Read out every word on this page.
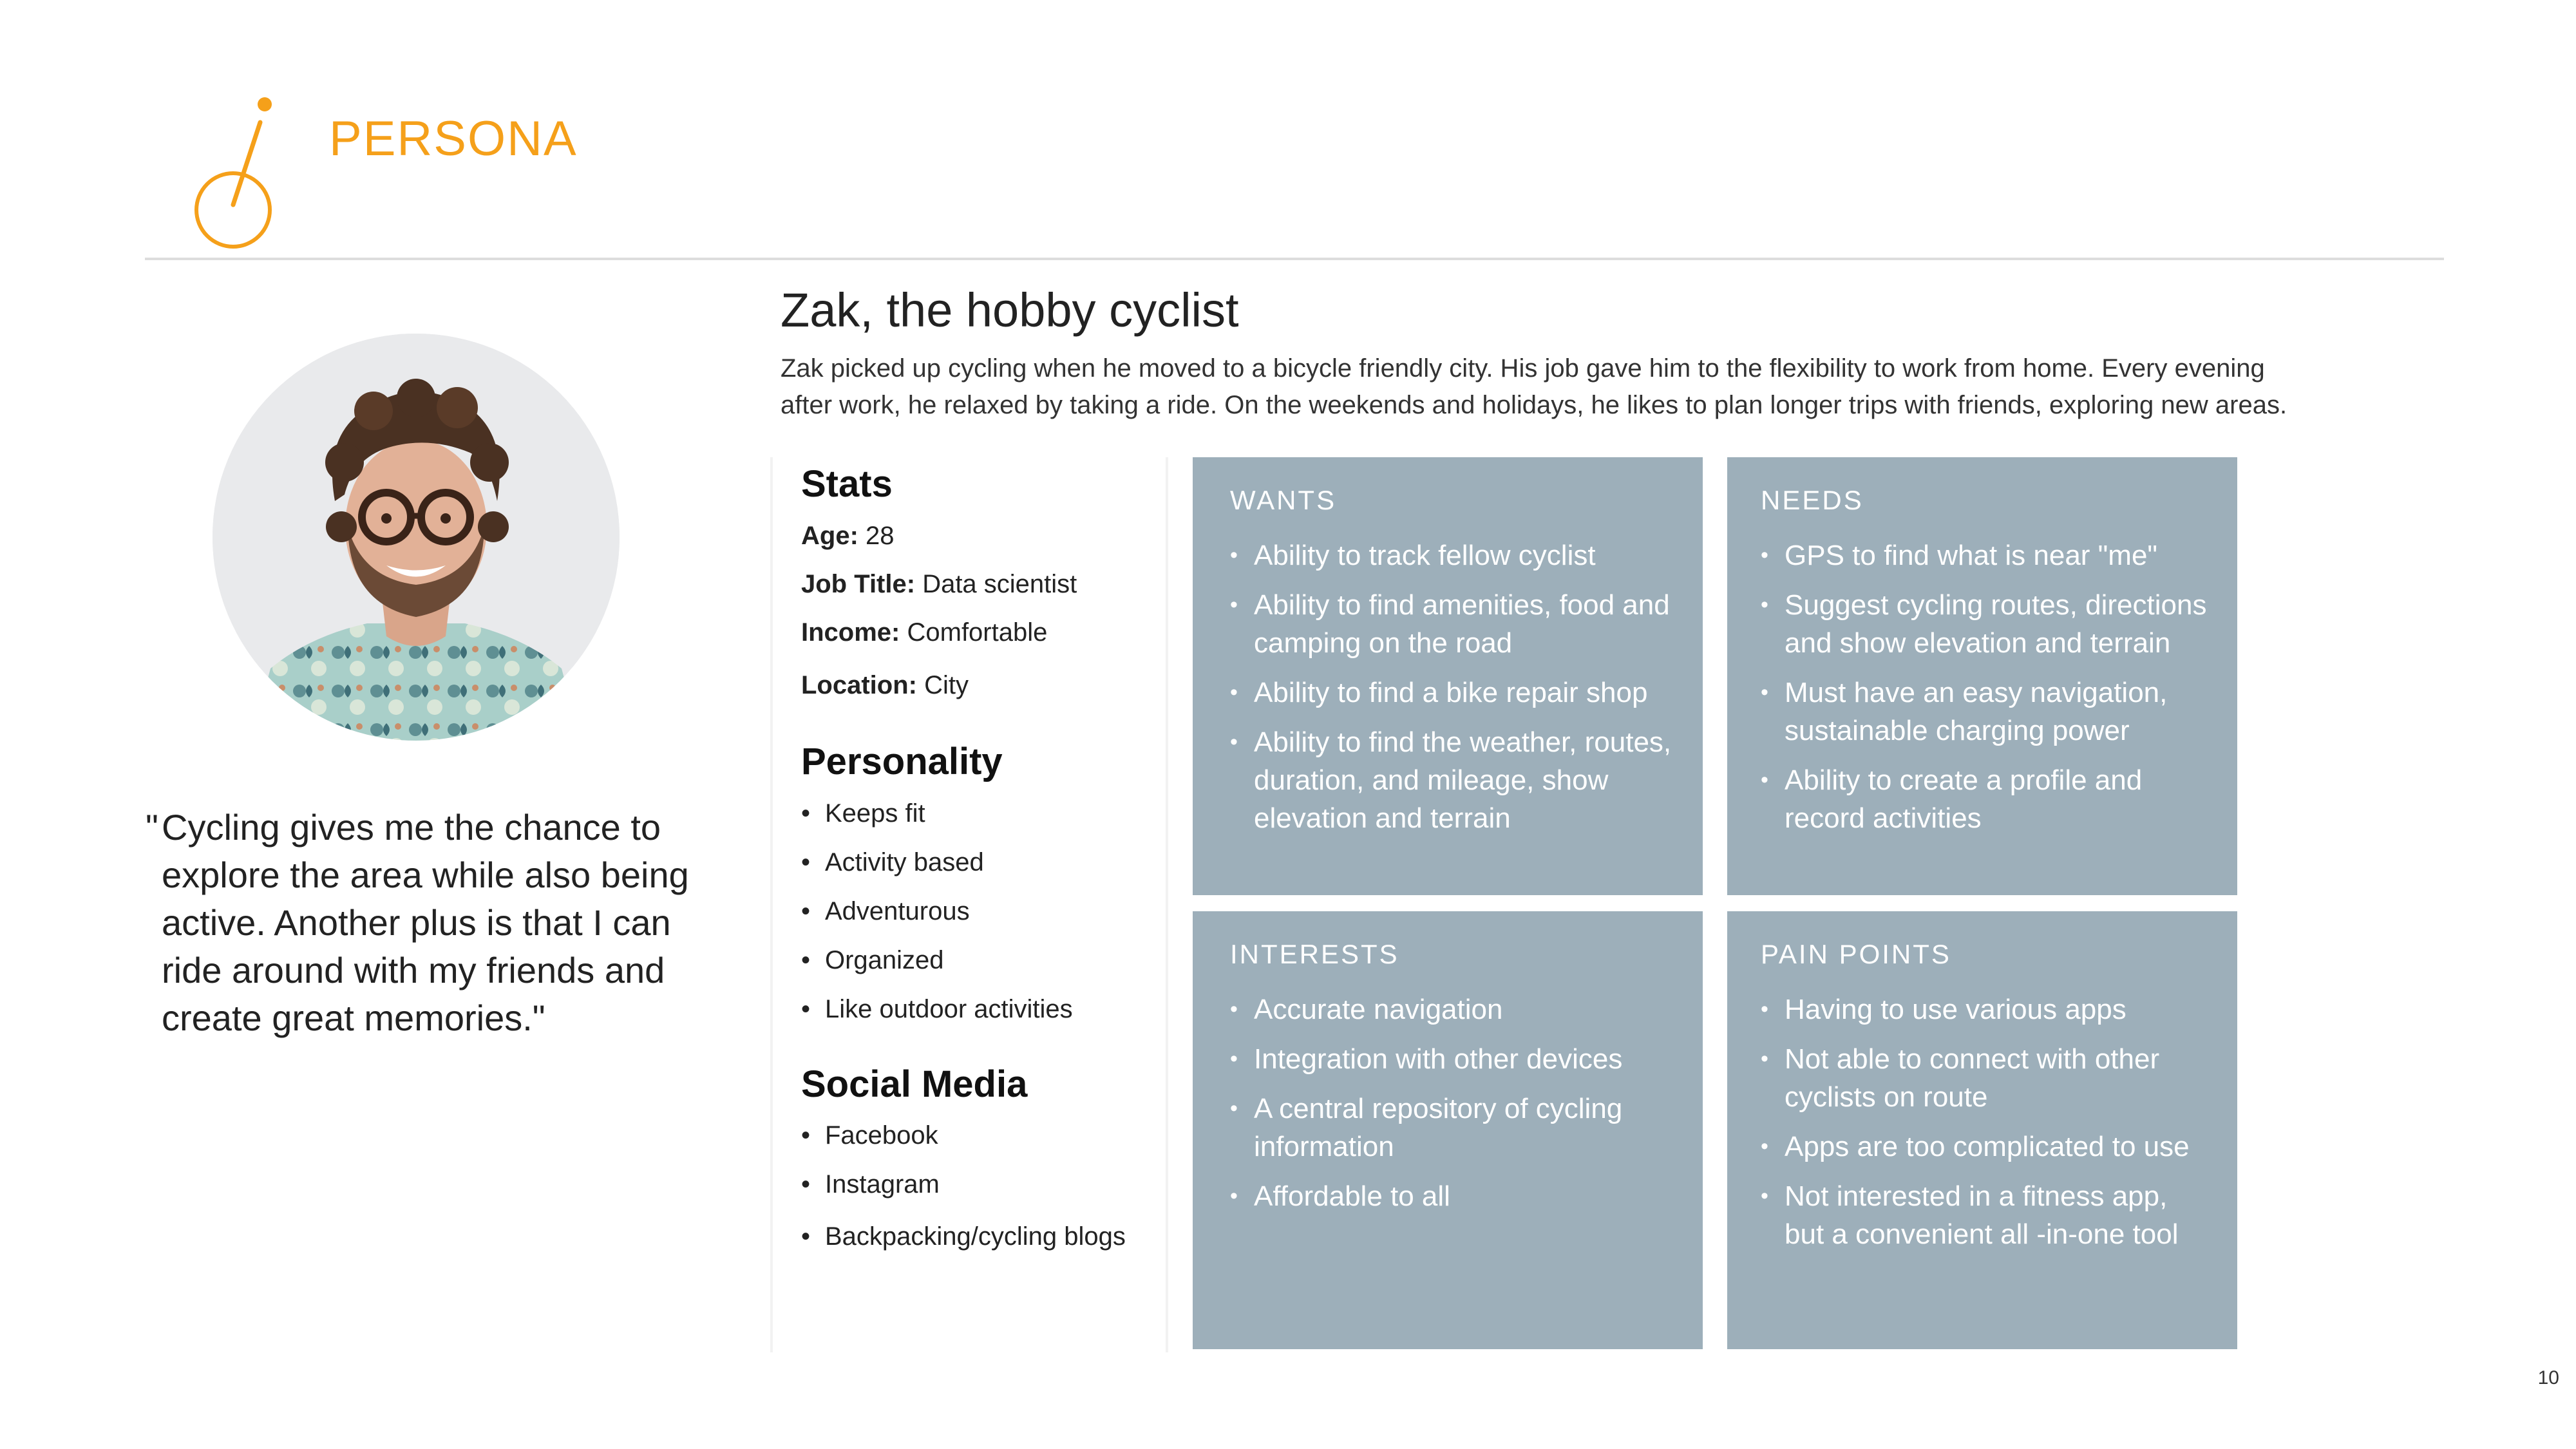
PERSONA
" Cycling gives me the chance to explore the area while also being active. Another plus is that I can ride around with my friends and create great memories."
Zak, the hobby cyclist
Zak picked up cycling when he moved to a bicycle friendly city. His job gave him to the flexibility to work from home. Every evening after work, he relaxed by taking a ride. On the weekends and holidays, he likes to plan longer trips with friends, exploring new areas.
Stats
Age: 28
Job Title: Data scientist
Income: Comfortable
Location: City
Personality
• Keeps fit
• Activity based
• Adventurous
• Organized
• Like outdoor activities
Social Media
• Facebook
• Instagram
• Backpacking/cycling blogs
WANTS
• Ability to track fellow cyclist
• Ability to find amenities, food and camping on the road
• Ability to find a bike repair shop
• Ability to find the weather, routes, duration, and mileage, show elevation and terrain
NEEDS
• GPS to find what is near "me"
• Suggest cycling routes, directions and show elevation and terrain
• Must have an easy navigation, sustainable charging power
• Ability to create a profile and record activities
INTERESTS
• Accurate navigation
• Integration with other devices
• A central repository of cycling information
• Affordable to all
PAIN POINTS
• Having to use various apps
• Not able to connect with other cyclists on route
• Apps are too complicated to use
• Not interested in a fitness app, but a convenient all -in-one tool
10
